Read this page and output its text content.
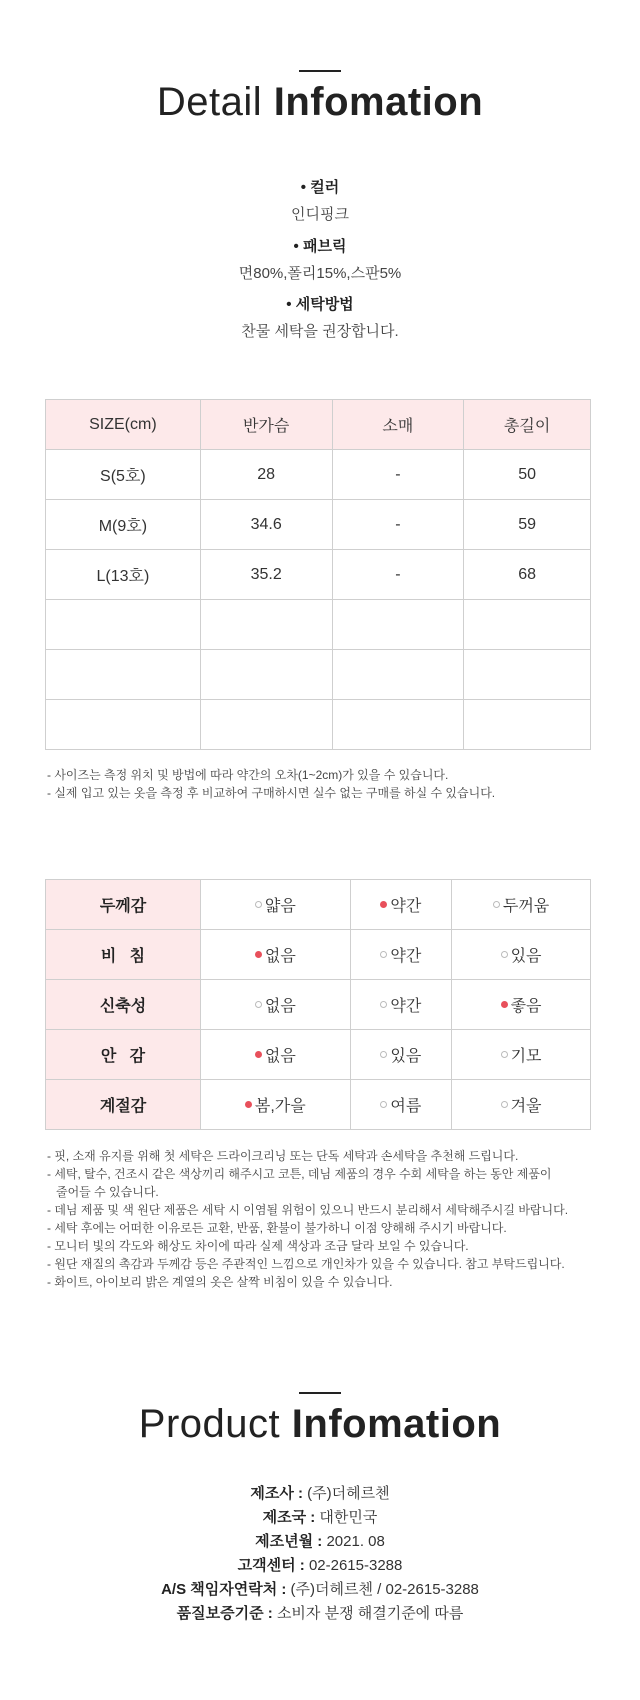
Detail Infomation
• 컬러
인디핑크
• 패브릭
면80%,폴리15%,스판5%
• 세탁방법
찬물 세탁을 권장합니다.
SIZE(cm)	반가슴	소매	총길이
S(5호)	28	-	50
M(9호)	34.6	-	59
L(13호)	35.2	-	68

- 사이즈는 측정 위치 및 방법에 따라 약간의 오차(1~2cm)가 있을 수 있습니다.
- 실제 입고 있는 옷을 측정 후 비교하여 구매하시면 실수 없는 구매를 하실 수 있습니다.
두께감	얇음	약간	두꺼움

비   침	없음	약간	있음

신축성	없음	약간	좋음

안   감	없음	있음	기모

계절감	봄,가을	여름	겨울
- 핏, 소재 유지를 위해 첫 세탁은 드라이크리닝 또는 단독 세탁과 손세탁을 추천해 드립니다.
- 세탁, 탈수, 건조시 같은 색상끼리 해주시고 코튼, 데님 제품의 경우 수회 세탁을 하는 동안 제품이
줄어들 수 있습니다.
- 데님 제품 및 색 원단 제품은 세탁 시 이염될 위험이 있으니 반드시 분리해서 세탁해주시길 바랍니다.
- 세탁 후에는 어떠한 이유로든 교환, 반품, 환불이 불가하니 이점 양해해 주시기 바랍니다.
- 모니터 빛의 각도와 해상도 차이에 따라 실제 색상과 조금 달라 보일 수 있습니다.
- 원단 재질의 촉감과 두께감 등은 주관적인 느낌으로 개인차가 있을 수 있습니다. 참고 부탁드립니다.
- 화이트, 아이보리 밝은 계열의 옷은 살짝 비침이 있을 수 있습니다.
Product Infomation
제조사 : (주)더헤르첸
제조국 : 대한민국
제조년월 : 2021. 08
고객센터 : 02-2615-3288
A/S 책임자연락처 : (주)더헤르첸 / 02-2615-3288
품질보증기준 : 소비자 분쟁 해결기준에 따름
